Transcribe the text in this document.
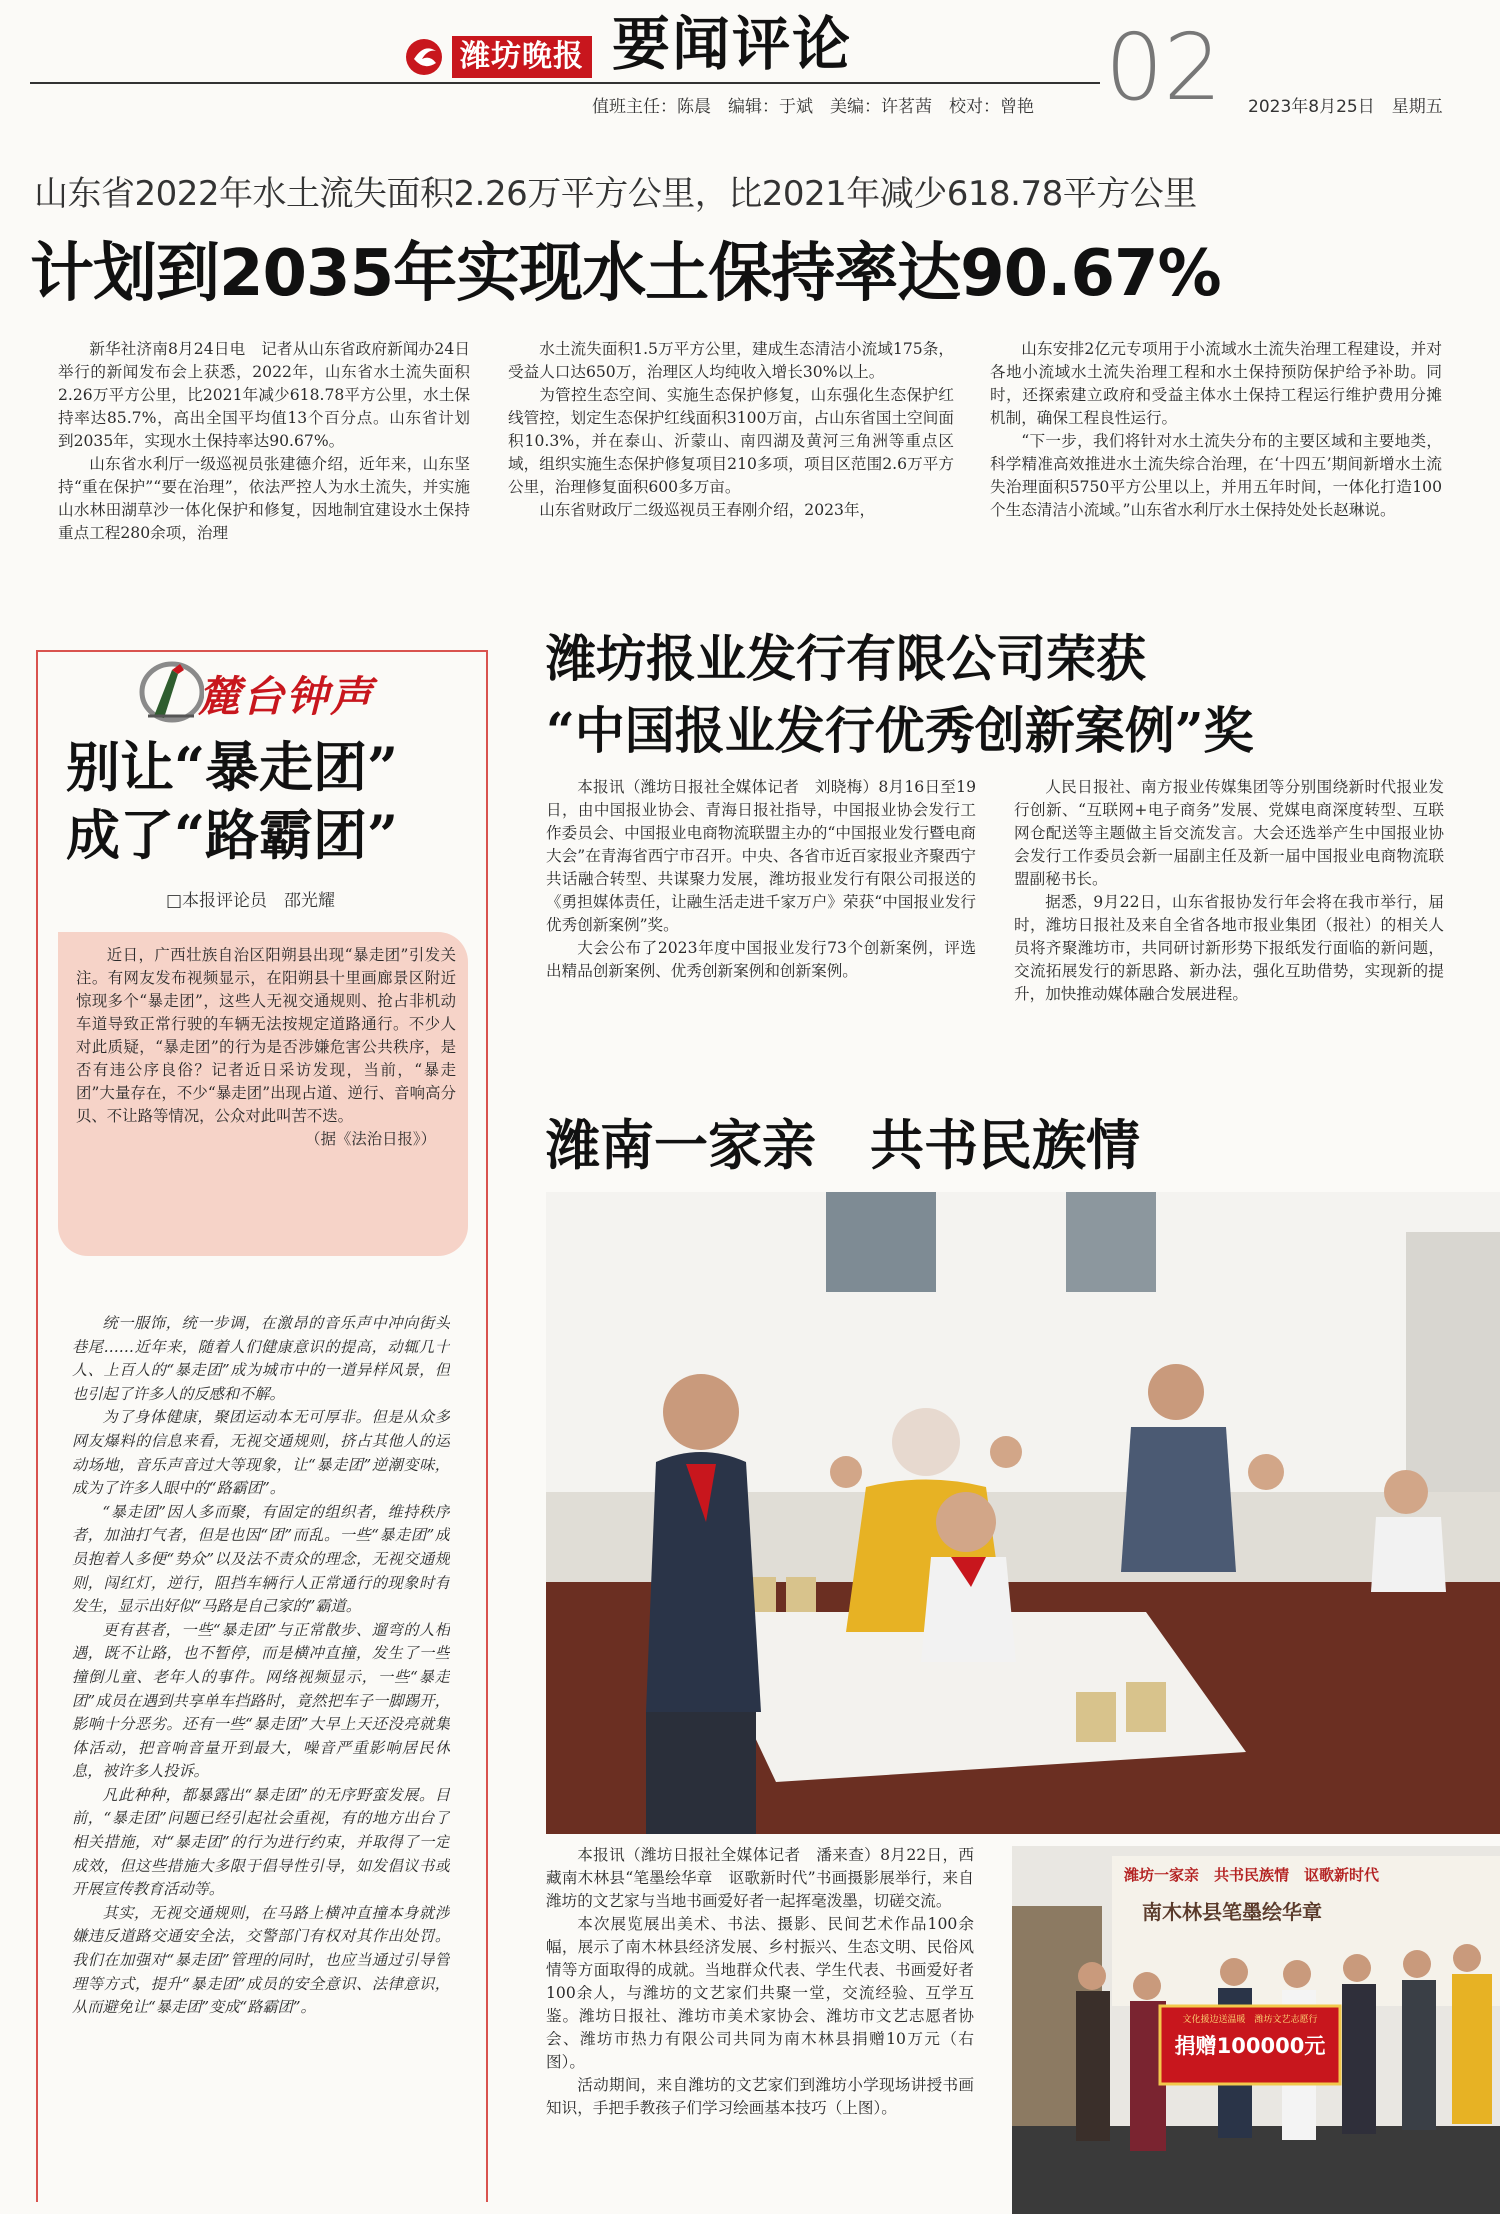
潍坊晚报 要闻评论	02
值班主任：陈晨　编辑：于斌　美编：许茗茜　校对：曾艳	2023年8月25日　星期五
山东省2022年水土流失面积2.26万平方公里，比2021年减少618.78平方公里
计划到2035年实现水土保持率达90.67%

新华社济南8月24日电　记者从山东省政府新闻办24日举行的新闻发布会上获悉，2022年，山东省水土流失面积2.26万平方公里，比2021年减少618.78平方公里，水土保持率达85.7%，高出全国平均值13个百分点。山东省计划到2035年，实现水土保持率达90.67%。

山东省水利厅一级巡视员张建德介绍，近年来，山东坚持“重在保护”“要在治理”，依法严控人为水土流失，并实施山水林田湖草沙一体化保护和修复，因地制宜建设水土保持重点工程280余项，治理

水土流失面积1.5万平方公里，建成生态清洁小流域175条，受益人口达650万，治理区人均纯收入增长30%以上。

为管控生态空间、实施生态保护修复，山东强化生态保护红线管控，划定生态保护红线面积3100万亩，占山东省国土空间面积10.3%，并在泰山、沂蒙山、南四湖及黄河三角洲等重点区域，组织实施生态保护修复项目210多项，项目区范围2.6万平方公里，治理修复面积600多万亩。

山东省财政厅二级巡视员王春刚介绍，2023年，

山东安排2亿元专项用于小流域水土流失治理工程建设，并对各地小流域水土流失治理工程和水土保持预防保护给予补助。同时，还探索建立政府和受益主体水土保持工程运行维护费用分摊机制，确保工程良性运行。

“下一步，我们将针对水土流失分布的主要区域和主要地类，科学精准高效推进水土流失综合治理，在‘十四五’期间新增水土流失治理面积5750平方公里以上，并用五年时间，一体化打造100个生态清洁小流域。”山东省水利厅水土保持处处长赵琳说。

麓台钟声
别让“暴走团”
成了“路霸团”
□本报评论员　邵光耀

近日，广西壮族自治区阳朔县出现“暴走团”引发关注。有网友发布视频显示，在阳朔县十里画廊景区附近惊现多个“暴走团”，这些人无视交通规则、抢占非机动车道导致正常行驶的车辆无法按规定道路通行。不少人对此质疑，“暴走团”的行为是否涉嫌危害公共秩序，是否有违公序良俗？记者近日采访发现，当前，“暴走团”大量存在，不少“暴走团”出现占道、逆行、音响高分贝、不让路等情况，公众对此叫苦不迭。

（据《法治日报》）

统一服饰，统一步调，在激昂的音乐声中冲向街头巷尾……近年来，随着人们健康意识的提高，动辄几十人、上百人的“暴走团”成为城市中的一道异样风景，但也引起了许多人的反感和不解。

为了身体健康，聚团运动本无可厚非。但是从众多网友爆料的信息来看，无视交通规则，挤占其他人的运动场地，音乐声音过大等现象，让“暴走团”逆潮变味，成为了许多人眼中的“路霸团”。

“暴走团”因人多而聚，有固定的组织者，维持秩序者，加油打气者，但是也因“团”而乱。一些“暴走团”成员抱着人多便“势众”以及法不责众的理念，无视交通规则，闯红灯，逆行，阻挡车辆行人正常通行的现象时有发生，显示出好似“马路是自己家的”霸道。

更有甚者，一些“暴走团”与正常散步、遛弯的人相遇，既不让路，也不暂停，而是横冲直撞，发生了一些撞倒儿童、老年人的事件。网络视频显示，一些“暴走团”成员在遇到共享单车挡路时，竟然把车子一脚踢开，影响十分恶劣。还有一些“暴走团”大早上天还没亮就集体活动，把音响音量开到最大，噪音严重影响居民休息，被许多人投诉。

凡此种种，都暴露出“暴走团”的无序野蛮发展。目前，“暴走团”问题已经引起社会重视，有的地方出台了相关措施，对“暴走团”的行为进行约束，并取得了一定成效，但这些措施大多限于倡导性引导，如发倡议书或开展宣传教育活动等。

其实，无视交通规则，在马路上横冲直撞本身就涉嫌违反道路交通安全法，交警部门有权对其作出处罚。我们在加强对“暴走团”管理的同时，也应当通过引导管理等方式，提升“暴走团”成员的安全意识、法律意识，从而避免让“暴走团”变成“路霸团”。

潍坊报业发行有限公司荣获
“中国报业发行优秀创新案例”奖

本报讯（潍坊日报社全媒体记者　刘晓梅）8月16日至19日，由中国报业协会、青海日报社指导，中国报业协会发行工作委员会、中国报业电商物流联盟主办的“中国报业发行暨电商大会”在青海省西宁市召开。中央、各省市近百家报业齐聚西宁共话融合转型、共谋聚力发展，潍坊报业发行有限公司报送的《勇担媒体责任，让融生活走进千家万户》荣获“中国报业发行优秀创新案例”奖。

大会公布了2023年度中国报业发行73个创新案例，评选出精品创新案例、优秀创新案例和创新案例。

人民日报社、南方报业传媒集团等分别围绕新时代报业发行创新、“互联网+电子商务”发展、党媒电商深度转型、互联网仓配送等主题做主旨交流发言。大会还选举产生中国报业协会发行工作委员会新一届副主任及新一届中国报业电商物流联盟副秘书长。

据悉，9月22日，山东省报协发行年会将在我市举行，届时，潍坊日报社及来自全省各地市报业集团（报社）的相关人员将齐聚潍坊市，共同研讨新形势下报纸发行面临的新问题，交流拓展发行的新思路、新办法，强化互助借势，实现新的提升，加快推动媒体融合发展进程。

潍南一家亲　共书民族情

本报讯（潍坊日报社全媒体记者　潘来查）8月22日，西藏南木林县“笔墨绘华章　讴歌新时代”书画摄影展举行，来自潍坊的文艺家与当地书画爱好者一起挥毫泼墨，切磋交流。

本次展览展出美术、书法、摄影、民间艺术作品100余幅，展示了南木林县经济发展、乡村振兴、生态文明、民俗风情等方面取得的成就。当地群众代表、学生代表、书画爱好者100余人，与潍坊的文艺家们共聚一堂，交流经验、互学互鉴。潍坊日报社、潍坊市美术家协会、潍坊市文艺志愿者协会、潍坊市热力有限公司共同为南木林县捐赠10万元（右图）。

活动期间，来自潍坊的文艺家们到潍坊小学现场讲授书画知识，手把手教孩子们学习绘画基本技巧（上图）。

潍坊一家亲　共书民族情　讴歌新时代
南木林县笔墨绘华章
文化援边送温暖　潍坊文艺志愿行
捐赠100000元
